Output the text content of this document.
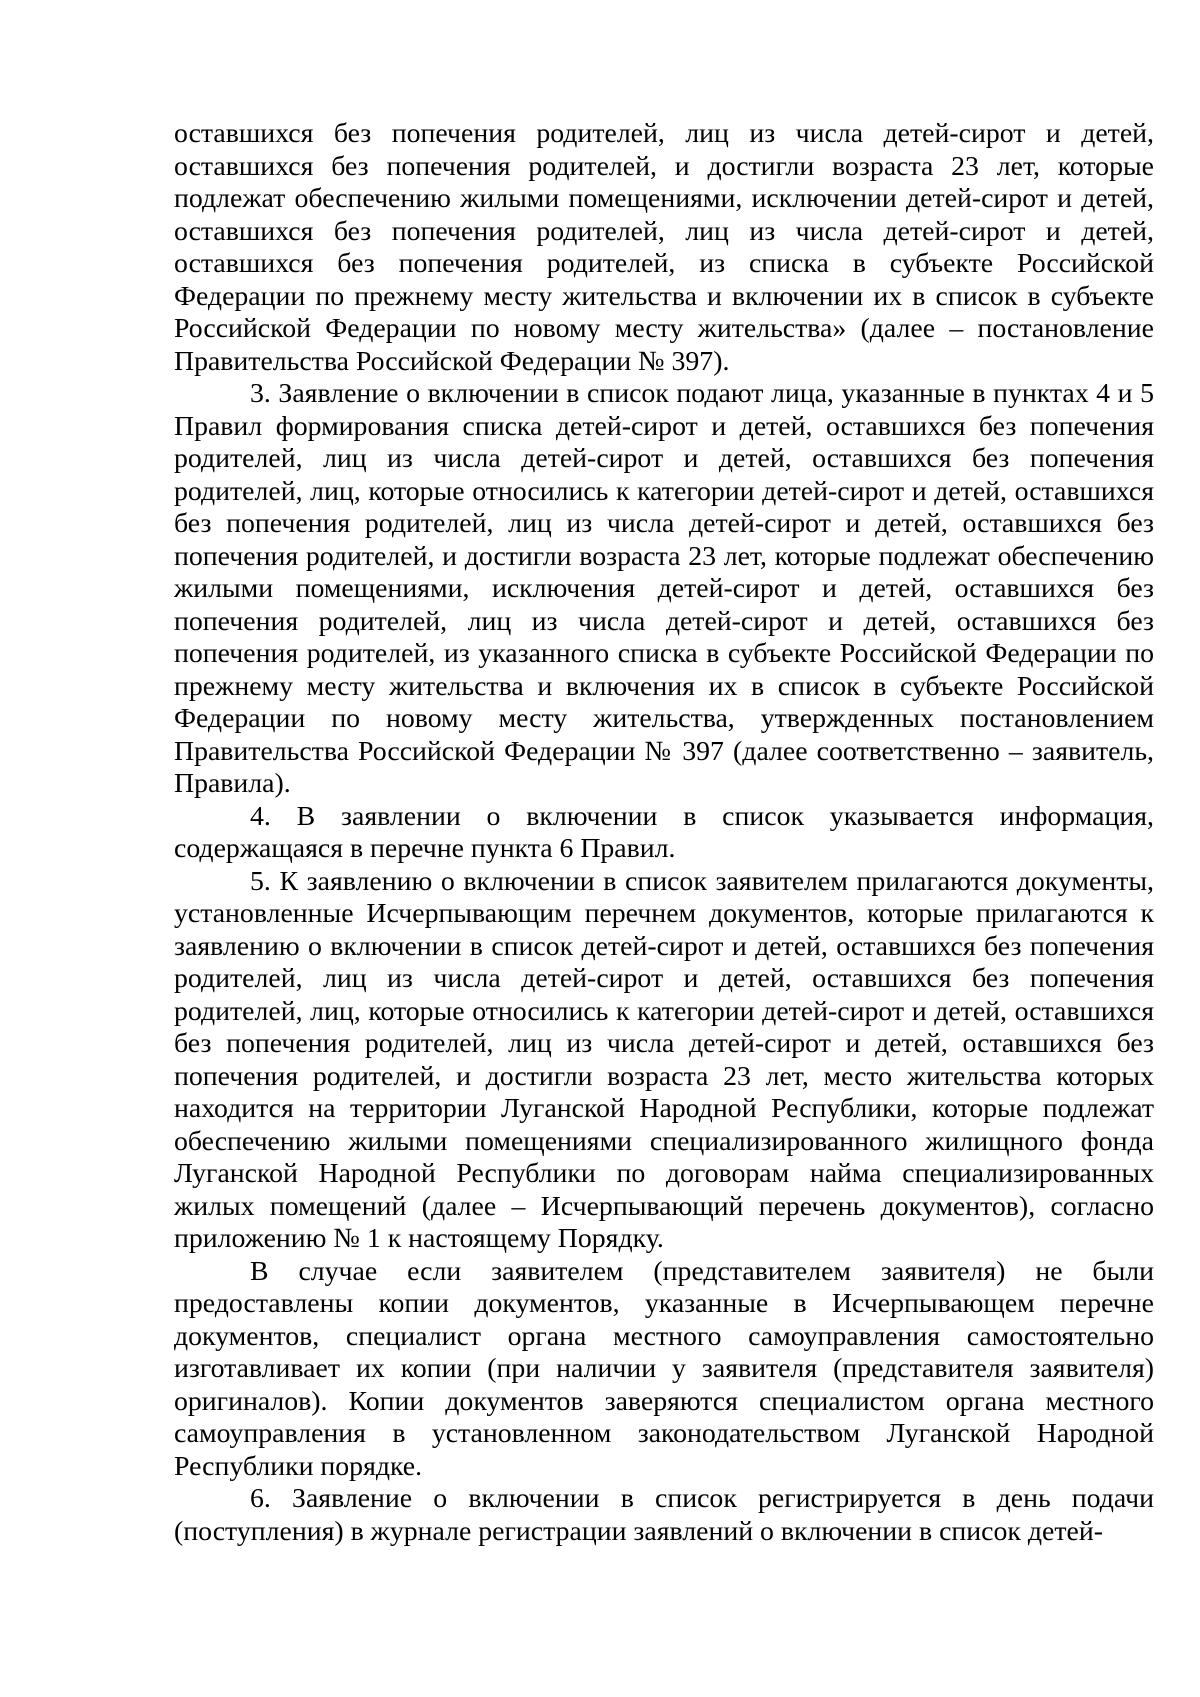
оставшихся без попечения родителей, лиц из числа детей-сирот и детей, оставшихся без попечения родителей, и достигли возраста 23 лет, которые подлежат обеспечению жилыми помещениями, исключении детей-сирот и детей, оставшихся без попечения родителей, лиц из числа детей-сирот и детей, оставшихся без попечения родителей, из списка в субъекте Российской Федерации по прежнему месту жительства и включении их в список в субъекте Российской Федерации по новому месту жительства» (далее – постановление Правительства Российской Федерации № 397).

3. Заявление о включении в список подают лица, указанные в пунктах 4 и 5 Правил формирования списка детей-сирот и детей, оставшихся без попечения родителей, лиц из числа детей-сирот и детей, оставшихся без попечения родителей, лиц, которые относились к категории детей-сирот и детей, оставшихся без попечения родителей, лиц из числа детей-сирот и детей, оставшихся без попечения родителей, и достигли возраста 23 лет, которые подлежат обеспечению жилыми помещениями, исключения детей-сирот и детей, оставшихся без попечения родителей, лиц из числа детей-сирот и детей, оставшихся без попечения родителей, из указанного списка в субъекте Российской Федерации по прежнему месту жительства и включения их в список в субъекте Российской Федерации по новому месту жительства, утвержденных постановлением Правительства Российской Федерации № 397 (далее соответственно – заявитель, Правила).

4. В заявлении о включении в список указывается информация, содержащаяся в перечне пункта 6 Правил.

5. К заявлению о включении в список заявителем прилагаются документы, установленные Исчерпывающим перечнем документов, которые прилагаются к заявлению о включении в список детей-сирот и детей, оставшихся без попечения родителей, лиц из числа детей-сирот и детей, оставшихся без попечения родителей, лиц, которые относились к категории детей-сирот и детей, оставшихся без попечения родителей, лиц из числа детей-сирот и детей, оставшихся без попечения родителей, и достигли возраста 23 лет, место жительства которых находится на территории Луганской Народной Республики, которые подлежат обеспечению жилыми помещениями специализированного жилищного фонда Луганской Народной Республики по договорам найма специализированных жилых помещений (далее – Исчерпывающий перечень документов), согласно приложению № 1 к настоящему Порядку.

В случае если заявителем (представителем заявителя) не были предоставлены копии документов, указанные в Исчерпывающем перечне документов, специалист органа местного самоуправления самостоятельно изготавливает их копии (при наличии у заявителя (представителя заявителя) оригиналов). Копии документов заверяются специалистом органа местного самоуправления в установленном законодательством Луганской Народной Республики порядке.

6. Заявление о включении в список регистрируется в день подачи (поступления) в журнале регистрации заявлений о включении в список детей-
